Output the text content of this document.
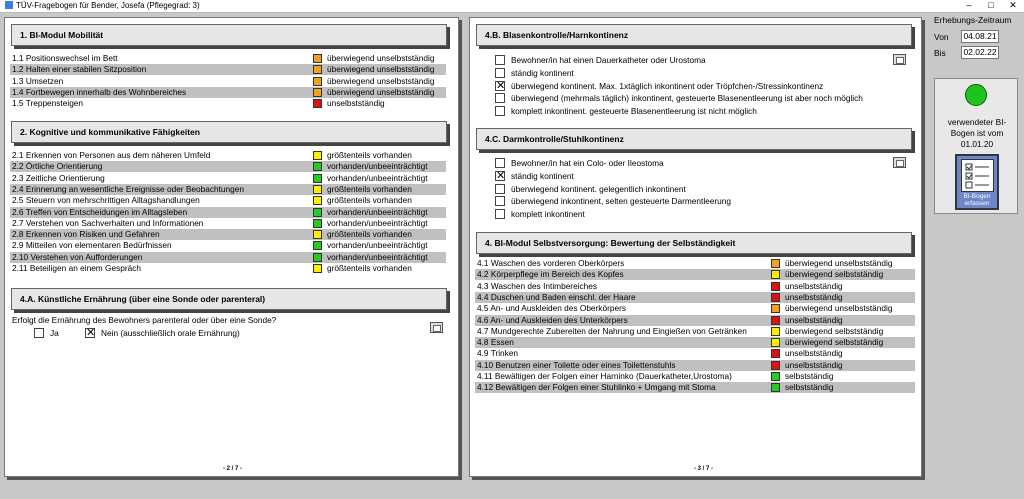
TÜV-Fragebogen für Bender, Josefa (Pflegegrad: 3)	–	□	✕
1. BI-Modul Mobilität
1.1 Positionswechsel im Bett	überwiegend unselbstständig
1.2 Halten einer stabilen Sitzposition	überwiegend unselbstständig
1.3 Umsetzen	überwiegend unselbstständig
1.4 Fortbewegen innerhalb des Wohnbereiches	überwiegend unselbstständig
1.5 Treppensteigen	unselbstständig
2. Kognitive und kommunikative Fähigkeiten
2.1 Erkennen von Personen aus dem näheren Umfeld	größtenteils vorhanden
2.2 Örtliche Orientierung	vorhanden/unbeeinträchtigt
2.3 Zeitliche Orientierung	vorhanden/unbeeinträchtigt
2.4 Erinnerung an wesentliche Ereignisse oder Beobachtungen	größtenteils vorhanden
2.5 Steuern von mehrschrittigen Alltagshandlungen	größtenteils vorhanden
2.6 Treffen von Entscheidungen im Alltagsleben	vorhanden/unbeeinträchtigt
2.7 Verstehen von Sachverhalten und Informationen	vorhanden/unbeeinträchtigt
2.8 Erkennen von Risiken und Gefahren	größtenteils vorhanden
2.9 Mitteilen von elementaren Bedürfnissen	vorhanden/unbeeinträchtigt
2.10 Verstehen von Aufforderungen	vorhanden/unbeeinträchtigt
2.11 Beteiligen an einem Gespräch	größtenteils vorhanden
4.A. Künstliche Ernährung (über eine Sonde oder parenteral)
Erfolgt die Ernährung des Bewohners parenteral oder über eine Sonde?
Ja ✕ Nein (ausschließlich orale Ernährung)
- 2 / 7 -
4.B. Blasenkontrolle/Harnkontinenz
Bewohner/in hat einen Dauerkatheter oder Urostoma
ständig kontinent
✕ überwiegend kontinent. Max. 1xtäglich inkontinent oder Tröpfchen-/Stressinkontinenz
überwiegend (mehrmals täglich) inkontinent, gesteuerte Blasenentleerung ist aber noch möglich
komplett inkontinent. gesteuerte Blasenentleerung ist nicht möglich
4.C. Darmkontrolle/Stuhlkontinenz
Bewohner/in hat ein Colo- oder Ileostoma
✕ ständig kontinent
überwiegend kontinent. gelegentlich inkontinent
überwiegend inkontinent, selten gesteuerte Darmentleerung
komplett inkontinent
4. BI-Modul Selbstversorgung: Bewertung der Selbständigkeit
4.1 Waschen des vorderen Oberkörpers	überwiegend unselbstständig
4.2 Körperpflege im Bereich des Kopfes	überwiegend selbstständig
4.3 Waschen des Intimbereiches	unselbstständig
4.4 Duschen und Baden einschl. der Haare	unselbstständig
4.5 An- und Auskleiden des Oberkörpers	überwiegend unselbstständig
4.6 An- und Auskleiden des Unterkörpers	unselbstständig
4.7 Mundgerechte Zubereiten der Nahrung und Eingießen von Getränken	überwiegend selbstständig
4.8 Essen	überwiegend selbstständig
4.9 Trinken	unselbstständig
4.10 Benutzen einer Toilette oder eines Toilettenstuhls	unselbstständig
4.11 Bewältigen der Folgen einer Harninko (Dauerkatheter,Urostoma)	selbstständig
4.12 Bewältigen der Folgen einer Stuhlinko + Umgang mit Stoma	selbstständig
- 3 / 7 -
Erhebungs-Zeitraum
Von 04.08.21
Bis 02.02.22
verwendeter BI-Bogen ist vom 01.01.20
BI-Bogen erfassen
